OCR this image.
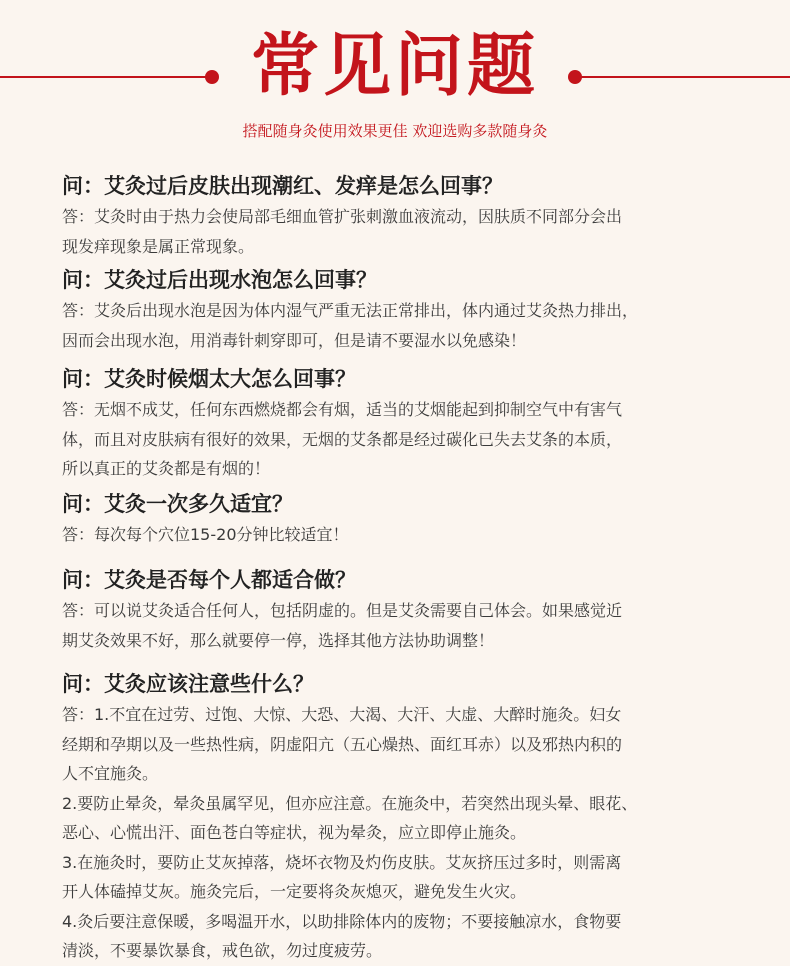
常见问题
搭配随身灸使用效果更佳 欢迎选购多款随身灸
问：艾灸过后皮肤出现潮红、发痒是怎么回事？

答：艾灸时由于热力会使局部毛细血管扩张刺激血液流动，因肤质不同部分会出

现发痒现象是属正常现象。

问：艾灸过后出现水泡怎么回事？

答：艾灸后出现水泡是因为体内湿气严重无法正常排出，体内通过艾灸热力排出，

因而会出现水泡，用消毒针刺穿即可，但是请不要湿水以免感染！

问：艾灸时候烟太大怎么回事？

答：无烟不成艾，任何东西燃烧都会有烟，适当的艾烟能起到抑制空气中有害气

体，而且对皮肤病有很好的效果，无烟的艾条都是经过碳化已失去艾条的本质，

所以真正的艾灸都是有烟的！

问：艾灸一次多久适宜？

答：每次每个穴位15-20分钟比较适宜！

问：艾灸是否每个人都适合做？

答：可以说艾灸适合任何人，包括阴虚的。但是艾灸需要自己体会。如果感觉近

期艾灸效果不好，那么就要停一停，选择其他方法协助调整！

问：艾灸应该注意些什么？

答：1.不宜在过劳、过饱、大惊、大恐、大渴、大汗、大虚、大醉时施灸。妇女

经期和孕期以及一些热性病，阴虚阳亢（五心燥热、面红耳赤）以及邪热内积的

人不宜施灸。

2.要防止晕灸，晕灸虽属罕见，但亦应注意。在施灸中，若突然出现头晕、眼花、

恶心、心慌出汗、面色苍白等症状，视为晕灸，应立即停止施灸。

3.在施灸时，要防止艾灰掉落，烧坏衣物及灼伤皮肤。艾灰挤压过多时，则需离

开人体磕掉艾灰。施灸完后，一定要将灸灰熄灭，避免发生火灾。

4.灸后要注意保暖，多喝温开水，以助排除体内的废物；不要接触凉水，食物要

清淡，不要暴饮暴食，戒色欲，勿过度疲劳。
